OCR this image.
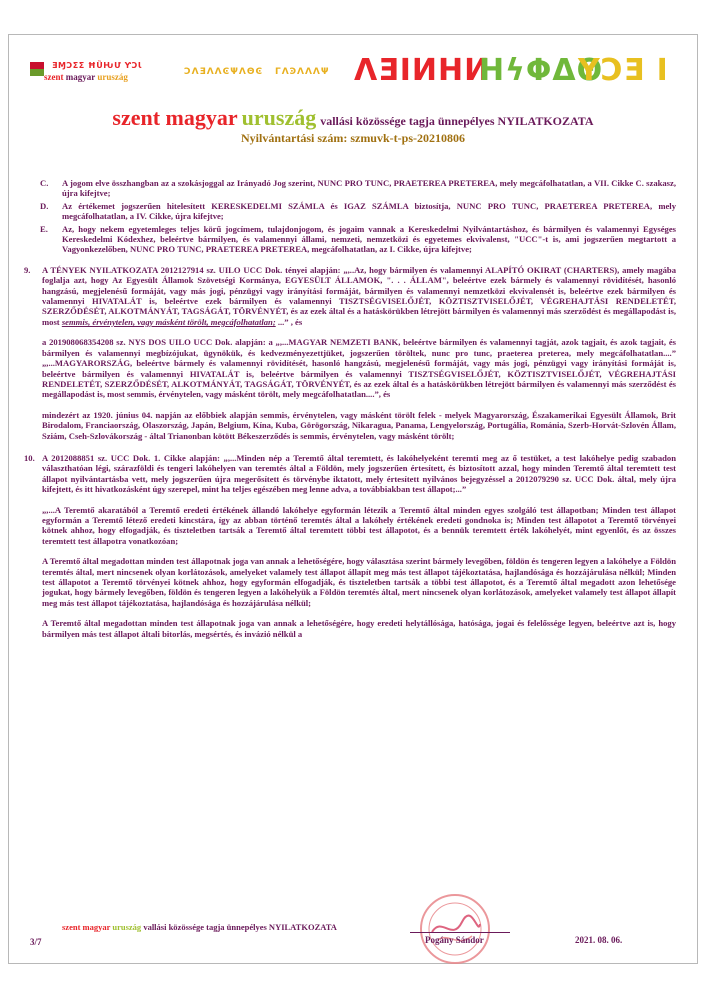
ƎⱮƆƩƩ ĦȔǶƯ ƳƆƖ
szent magyar uruszág	ƆΛƎΛΛϾΨΛΘϾ ΓΛϿΛΛΛΨ ΛƎIИHИ
ΗϟΦΔΘ
ΥƆƎ I
szent magyar uruszág vallási közössége tagja ünnepélyes NYILATKOZATA
Nyilvántartási szám: szmuvk-t-ps-20210806
C.	A jogom elve összhangban az a szokásjoggal az Irányadó Jog szerint, NUNC PRO TUNC, PRAETEREA PRETEREA, mely megcáfolhatatlan, a VII. Cikke C. szakasz, újra kifejtve;
D.	Az értékemet jogszerűen hitelesített KERESKEDELMI SZÁMLA és IGAZ SZÁMLA biztosítja, NUNC PRO TUNC, PRAETEREA PRETEREA, mely megcáfolhatatlan, a IV. Cikke, újra kifejtve;
E.	Az, hogy nekem egyetemleges teljes körű jogcímem, tulajdonjogom, és jogaim vannak a Kereskedelmi Nyilvántartáshoz, és bármilyen és valamennyi Egységes Kereskedelmi Kódexhez, beleértve bármilyen, és valamennyi állami, nemzeti, nemzetközi és egyetemes ekvivalenst, "UCC"-t is, ami jogszerűen megtartott a Vagyonkezelőben, NUNC PRO TUNC, PRAETEREA PRETEREA, megcáfolhatatlan, az I. Cikke, újra kifejtve;
9.	A TÉNYEK NYILATKOZATA 2012127914 sz. UILO UCC Dok. tényei alapján: „,..Az, hogy bármilyen és valamennyi ALAPÍTÓ OKIRAT (CHARTERS), amely magába foglalja azt, hogy Az Egyesült Államok Szövetségi Kormánya, EGYESÜLT ÁLLAMOK, ". . . ÁLLAM", beleértve ezek bármely és valamennyi rövidítését, hasonló hangzású, megjelenésű formáját, vagy más jogi, pénzügyi vagy irányítási formáját, bármilyen és valamennyi nemzetközi ekvivalensét is, beleértve ezek bármilyen és valamennyi HIVATALÁT is, beleértve ezek bármilyen és valamennyi TISZTSÉGVISELŐJÉT, KÖZTISZTVISELŐJÉT, VÉGREHAJTÁSI RENDELETÉT, SZERZŐDÉSÉT, ALKOTMÁNYÁT, TAGSÁGÁT, TÖRVÉNYÉT, és az ezek által és a hatáskörükben létrejött bármilyen és valamennyi más szerződést és megállapodást is, most semmis, érvénytelen, vagy másként törölt, megcáfolhatatlan; ...” , és

a 201908068354208 sz. NYS DOS UILO UCC Dok. alapján: a „,...MAGYAR NEMZETI BANK, beleértve bármilyen és valamennyi tagját, azok tagjait, és azok tagjait, és bármilyen és valamennyi megbízójukat, ügynökük, és kedvezményezettjüket, jogszerűen töröltek, nunc pro tunc, praeterea preterea, mely megcáfolhatatlan....” „,...MAGYARORSZÁG, beleértve bármely és valamennyi rövidítését, hasonló hangzású, megjelenésű formáját, vagy más jogi, pénzügyi vagy irányítási formáját is, beleértve bármilyen és valamennyi HIVATALÁT is, beleértve bármilyen és valamennyi TISZTSÉGVISELŐJÉT, KÖZTISZTVISELŐJÉT, VÉGREHAJTÁSI RENDELETÉT, SZERZŐDÉSÉT, ALKOTMÁNYÁT, TAGSÁGÁT, TÖRVÉNYÉT, és az ezek által és a hatáskörükben létrejött bármilyen és valamennyi más szerződést és megállapodást is, most semmis, érvénytelen, vagy másként törölt, mely megcáfolhatatlan....”, és

mindezért az 1920. június 04. napján az előbbiek alapján semmis, érvénytelen, vagy másként törölt felek - melyek Magyarország, Északamerikai Egyesült Államok, Brit Birodalom, Franciaország, Olaszország, Japán, Belgium, Kína, Kuba, Görögország, Nikaragua, Panama, Lengyelország, Portugália, Románia, Szerb-Horvát-Szlovén Állam, Sziám, Cseh-Szlovákország - által Trianonban kötött Békeszerződés is semmis, érvénytelen, vagy másként törölt;

10. A 2012088851 sz. UCC Dok. 1. Cikke alapján: „,...Minden nép a Teremtő által teremtett, és lakóhelyeként teremti meg az ő testüket, a test lakóhelye pedig szabadon választhatóan légi, szárazföldi és tengeri lakóhelyen van teremtés által a Földön, mely jogszerűen értesített, és biztosított azzal, hogy minden Teremtő által teremtett test állapot nyilvántartásba vett, mely jogszerűen újra megerősített és törvénybe iktatott, mely értesített nyilvános bejegyzéssel a 2012079290 sz. UCC Dok. által, mely újra kifejtett, és itt hivatkozásként úgy szerepel, mint ha teljes egészében meg lenne adva, a továbbiakban test állapot;...”

„,...A Teremtő akaratából a Teremtő eredeti értékének állandó lakóhelye egyformán létezik a Teremtő által minden egyes szolgáló test állapotban; Minden test állapot egyformán a Teremtő létező eredeti kincstára, így az abban történő teremtés által a lakóhely értékének eredeti gondnoka is; Minden test állapotot a Teremtő törvényei kötnek ahhoz, hogy elfogadják, és tiszteletben tartsák a Teremtő által teremtett többi test állapotot, és a bennük teremtett érték lakóhelyét, mint egyenlőt, és az összes teremtett test állapotra vonatkozóan;

A Teremtő által megadottan minden test állapotnak joga van annak a lehetőségére, hogy választása szerint bármely levegőben, földön és tengeren legyen a lakóhelye a Földön teremtés által, mert nincsenek olyan korlátozások, amelyeket valamely test állapot állapít meg más test állapot tájékoztatása, hajlandósága és hozzájárulása nélkül; Minden test állapotot a Teremtő törvényei kötnek ahhoz, hogy egyformán elfogadják, és tiszteletben tartsák a többi test állapotot, és a Teremtő által megadott azon lehetősége jogukat, hogy bármely levegőben, földön és tengeren legyen a lakóhelyük a Földön teremtés által, mert nincsenek olyan korlátozások, amelyeket valamely test állapot állapít meg más test állapot tájékoztatása, hajlandósága és hozzájárulása nélkül;

A Teremtő által megadottan minden test állapotnak joga van annak a lehetőségére, hogy eredeti helytállósága, hatósága, jogai és felelőssége legyen, beleértve azt is, hogy bármilyen más test állapot általi bitorlás, megsértés, és invázió nélkül a

szent magyar uruszág vallási közössége tagja ünnepélyes NYILATKOZATA
3/7	Pogány Sándor	2021. 08. 06.
